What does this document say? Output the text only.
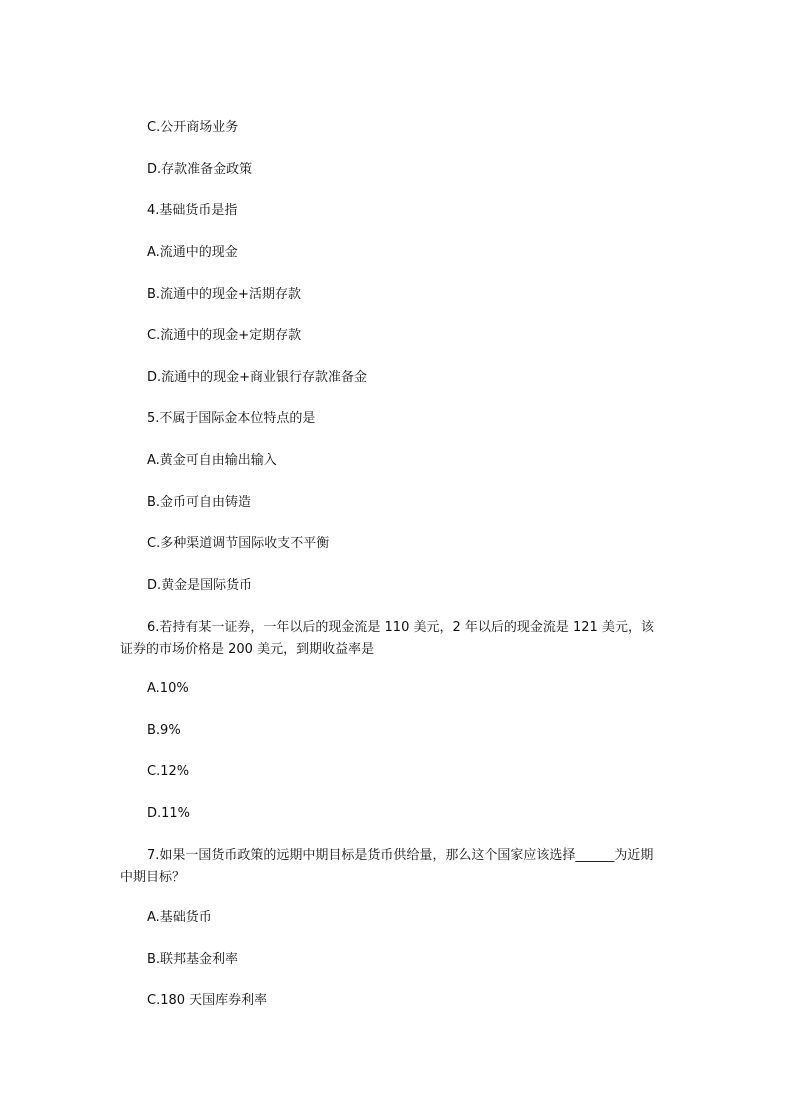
C.公开商场业务
D.存款准备金政策
4.基础货币是指
A.流通中的现金
B.流通中的现金+活期存款
C.流通中的现金+定期存款
D.流通中的现金+商业银行存款准备金
5.不属于国际金本位特点的是
A.黄金可自由输出输入
B.金币可自由铸造
C.多种渠道调节国际收支不平衡
D.黄金是国际货币
6.若持有某一证券，一年以后的现金流是 110 美元，2 年以后的现金流是 121 美元，该证券的市场价格是 200 美元，到期收益率是
A.10%
B.9%
C.12%
D.11%
7.如果一国货币政策的远期中期目标是货币供给量，那么这个国家应该选择______为近期中期目标？
A.基础货币
B.联邦基金利率
C.180 天国库券利率
